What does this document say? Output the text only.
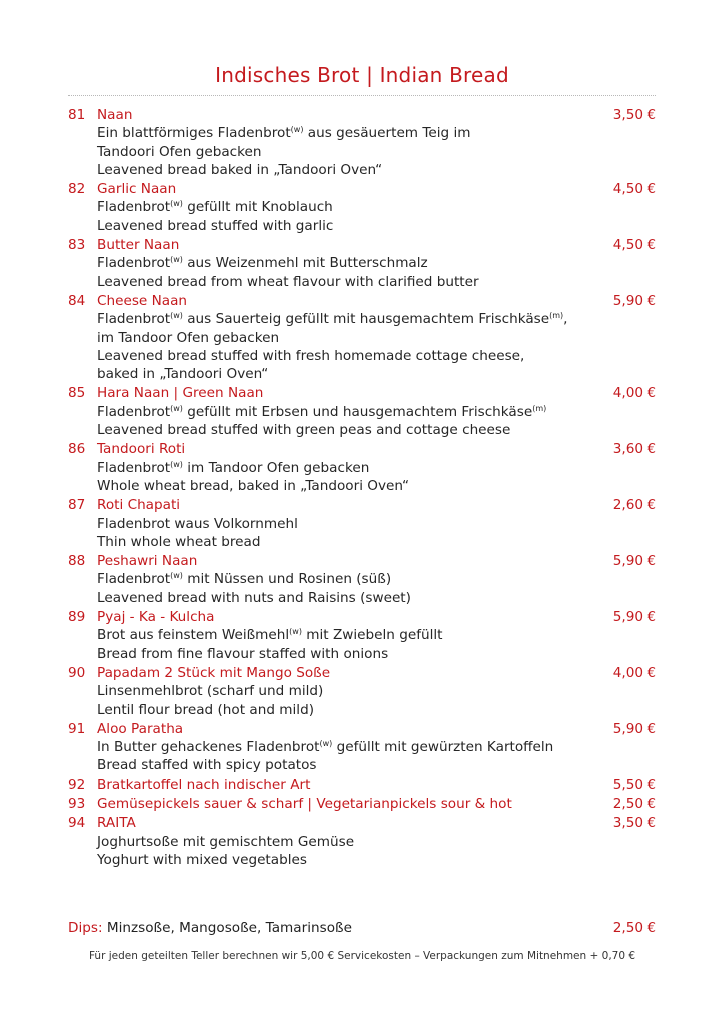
Indisches Brot | Indian Bread
81 Naan	3,50 €
Ein blattförmiges Fladenbrot$^{(w)}$ aus gesäuertem Teig im
Tandoori Ofen gebacken
Leavened bread baked in „Tandoori Oven“
82 Garlic Naan	4,50 €
Fladenbrot$^{(w)}$ gefüllt mit Knoblauch
Leavened bread stuffed with garlic
83 Butter Naan	4,50 €
Fladenbrot$^{(w)}$ aus Weizenmehl mit Butterschmalz
Leavened bread from wheat flavour with clarified butter
84 Cheese Naan	5,90 €
Fladenbrot$^{(w)}$ aus Sauerteig gefüllt mit hausgemachtem Frischkäse$^{(m)}$,
im Tandoor Ofen gebacken
Leavened bread stuffed with fresh homemade cottage cheese,
baked in „Tandoori Oven“
85 Hara Naan | Green Naan	4,00 €
Fladenbrot$^{(w)}$ gefüllt mit Erbsen und hausgemachtem Frischkäse$^{(m)}$
Leavened bread stuffed with green peas and cottage cheese
86 Tandoori Roti	3,60 €
Fladenbrot$^{(w)}$ im Tandoor Ofen gebacken
Whole wheat bread, baked in „Tandoori Oven“
87 Roti Chapati	2,60 €
Fladenbrot waus Volkornmehl
Thin whole wheat bread
88 Peshawri Naan	5,90 €
Fladenbrot$^{(w)}$ mit Nüssen und Rosinen (süß)
Leavened bread with nuts and Raisins (sweet)
89 Pyaj - Ka - Kulcha	5,90 €
Brot aus feinstem Weißmehl$^{(w)}$ mit Zwiebeln gefüllt
Bread from fine flavour staffed with onions
90 Papadam 2 Stück mit Mango Soße	4,00 €
Linsenmehlbrot (scharf und mild)
Lentil flour bread (hot and mild)
91 Aloo Paratha	5,90 €
In Butter gehackenes Fladenbrot$^{(w)}$ gefüllt mit gewürzten Kartoffeln
Bread staffed with spicy potatos
92 Bratkartoffel nach indischer Art	5,50 €
93 Gemüsepickels sauer & scharf | Vegetarianpickels sour & hot	2,50 €
94 RAITA	3,50 €
Joghurtsoße mit gemischtem Gemüse
Yoghurt with mixed vegetables
Dips: Minzsoße, Mangosoße, Tamarinsoße	2,50 €
Für jeden geteilten Teller berechnen wir 5,00 € Servicekosten – Verpackungen zum Mitnehmen + 0,70 €
